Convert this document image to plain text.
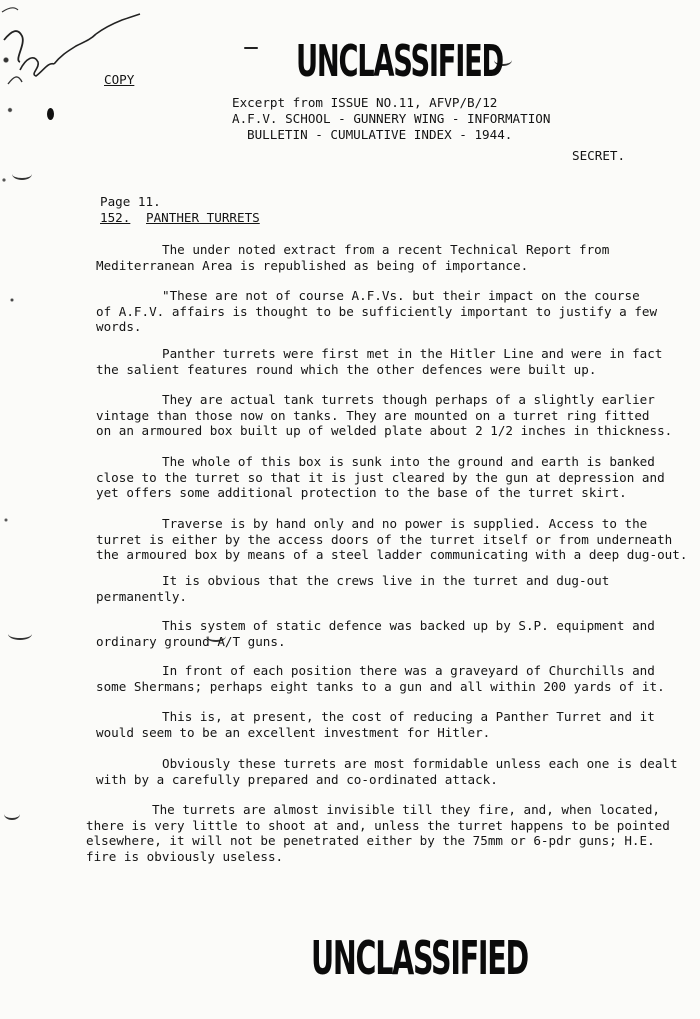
UNCLASSIFIED
COPY
Excerpt from ISSUE NO.11, AFVP/B/12
A.F.V. SCHOOL - GUNNERY WING - INFORMATION
BULLETIN - CUMULATIVE INDEX - 1944.
SECRET.
Page 11.
152. PANTHER TURRETS
The under noted extract from a recent Technical Report from
Mediterranean Area is republished as being of importance.
"These are not of course A.F.Vs. but their impact on the course
of A.F.V. affairs is thought to be sufficiently important to justify a few
words.
Panther turrets were first met in the Hitler Line and were in fact
the salient features round which the other defences were built up.
They are actual tank turrets though perhaps of a slightly earlier
vintage than those now on tanks. They are mounted on a turret ring fitted
on an armoured box built up of welded plate about 2 1/2 inches in thickness.
The whole of this box is sunk into the ground and earth is banked
close to the turret so that it is just cleared by the gun at depression and
yet offers some additional protection to the base of the turret skirt.
Traverse is by hand only and no power is supplied. Access to the
turret is either by the access doors of the turret itself or from underneath
the armoured box by means of a steel ladder communicating with a deep dug-out.
It is obvious that the crews live in the turret and dug-out
permanently.
This system of static defence was backed up by S.P. equipment and
ordinary ground A/T guns.
In front of each position there was a graveyard of Churchills and
some Shermans; perhaps eight tanks to a gun and all within 200 yards of it.
This is, at present, the cost of reducing a Panther Turret and it
would seem to be an excellent investment for Hitler.
Obviously these turrets are most formidable unless each one is dealt
with by a carefully prepared and co-ordinated attack.
The turrets are almost invisible till they fire, and, when located,
there is very little to shoot at and, unless the turret happens to be pointed
elsewhere, it will not be penetrated either by the 75mm or 6-pdr guns; H.E.
fire is obviously useless.
UNCLASSIFIED
